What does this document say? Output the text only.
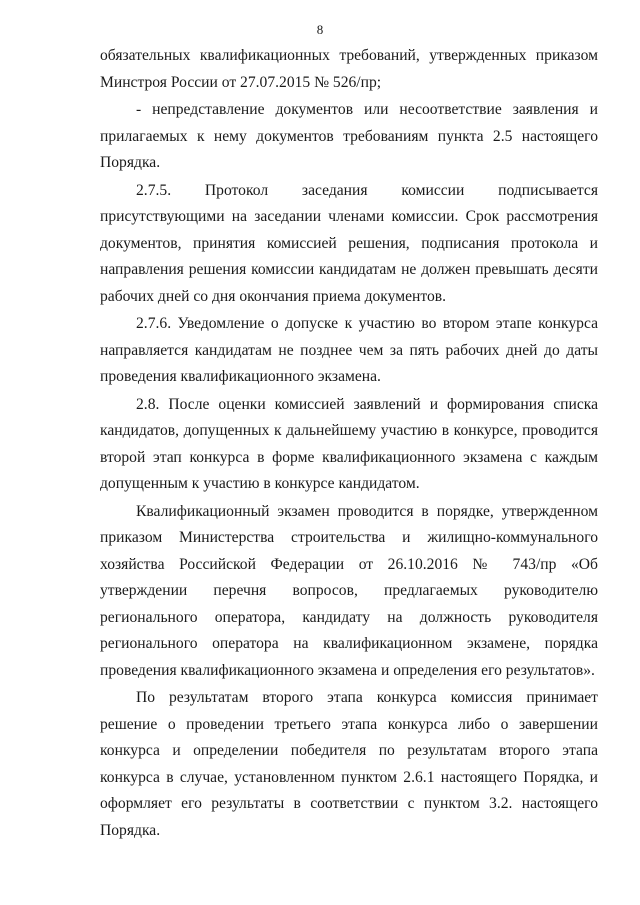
8

обязательных квалификационных требований, утвержденных приказом Минстроя России от 27.07.2015 № 526/пр;

- непредставление документов или несоответствие заявления и прилагаемых к нему документов требованиям пункта 2.5 настоящего Порядка.

2.7.5. Протокол заседания комиссии подписывается присутствующими на заседании членами комиссии. Срок рассмотрения документов, принятия комиссией решения, подписания протокола и направления решения комиссии кандидатам не должен превышать десяти рабочих дней со дня окончания приема документов.

2.7.6. Уведомление о допуске к участию во втором этапе конкурса направляется кандидатам не позднее чем за пять рабочих дней до даты проведения квалификационного экзамена.

2.8. После оценки комиссией заявлений и формирования списка кандидатов, допущенных к дальнейшему участию в конкурсе, проводится второй этап конкурса в форме квалификационного экзамена с каждым допущенным к участию в конкурсе кандидатом.

Квалификационный экзамен проводится в порядке, утвержденном приказом Министерства строительства и жилищно-коммунального хозяйства Российской Федерации от 26.10.2016 № 743/пр «Об утверждении перечня вопросов, предлагаемых руководителю регионального оператора, кандидату на должность руководителя регионального оператора на квалификационном экзамене, порядка проведения квалификационного экзамена и определения его результатов».

По результатам второго этапа конкурса комиссия принимает решение о проведении третьего этапа конкурса либо о завершении конкурса и определении победителя по результатам второго этапа конкурса в случае, установленном пунктом 2.6.1 настоящего Порядка, и оформляет его результаты в соответствии с пунктом 3.2. настоящего Порядка.
